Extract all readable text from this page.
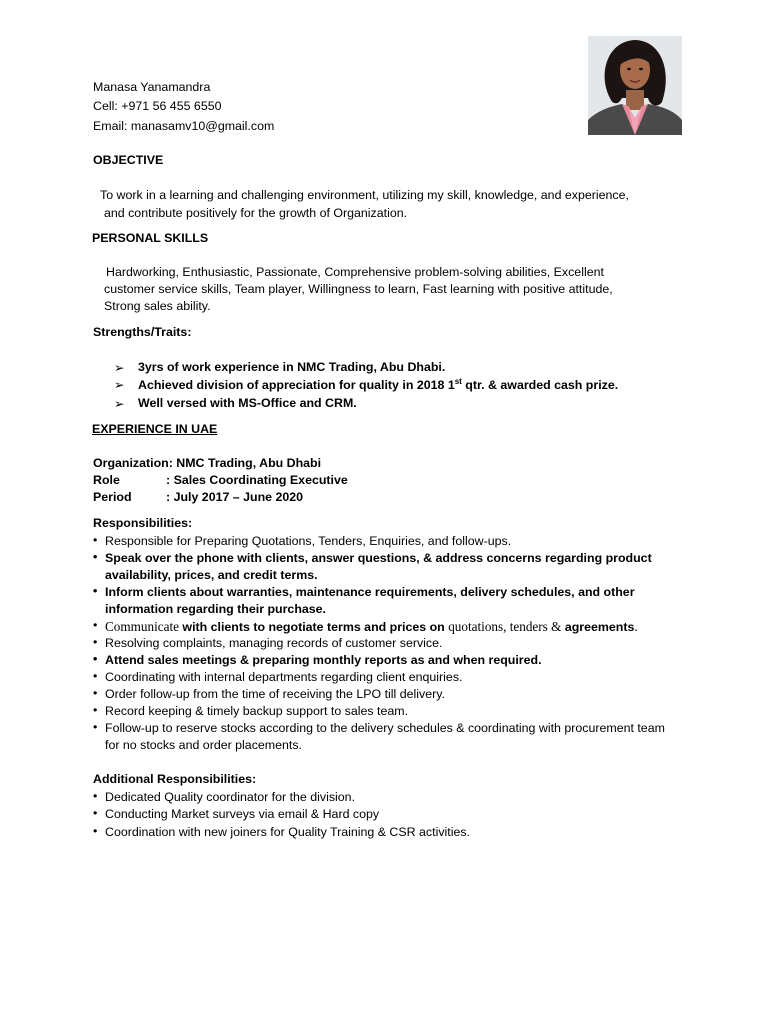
Manasa Yanamandra
Cell: +971 56 455 6550
Email: manasamv10@gmail.com
OBJECTIVE
To work in a learning and challenging environment, utilizing my skill, knowledge, and experience,
and contribute positively for the growth of Organization.
PERSONAL SKILLS
Hardworking, Enthusiastic, Passionate, Comprehensive problem-solving abilities, Excellent
customer service skills, Team player, Willingness to learn, Fast learning with positive attitude,
Strong sales ability.
Strengths/Traits:
➢ 3yrs of work experience in NMC Trading, Abu Dhabi.
➢ Achieved division of appreciation for quality in 2018 1st qtr. & awarded cash prize.
➢ Well versed with MS-Office and CRM.
EXPERIENCE IN UAE
Organization: NMC Trading, Abu Dhabi
Role	: Sales Coordinating Executive
Period	: July 2017 – June 2020
Responsibilities:
• Responsible for Preparing Quotations, Tenders, Enquiries, and follow-ups.
• Speak over the phone with clients, answer questions, & address concerns regarding product availability, prices, and credit terms.
• Inform clients about warranties, maintenance requirements, delivery schedules, and other information regarding their purchase.
• Communicate with clients to negotiate terms and prices on quotations, tenders & agreements.
• Resolving complaints, managing records of customer service.
• Attend sales meetings & preparing monthly reports as and when required.
• Coordinating with internal departments regarding client enquiries.
• Order follow-up from the time of receiving the LPO till delivery.
• Record keeping & timely backup support to sales team.
• Follow-up to reserve stocks according to the delivery schedules & coordinating with procurement team for no stocks and order placements.
Additional Responsibilities:
• Dedicated Quality coordinator for the division.
• Conducting Market surveys via email & Hard copy
• Coordination with new joiners for Quality Training & CSR activities.
